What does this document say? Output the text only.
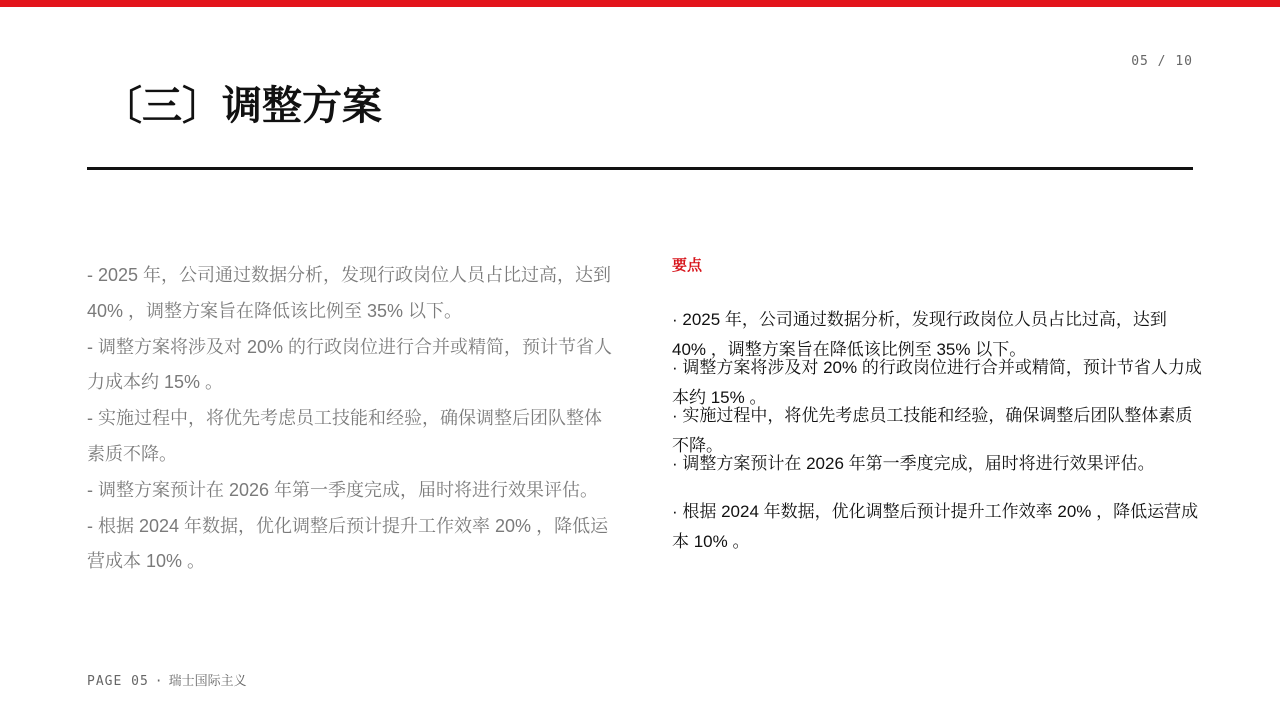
05 / 10
〔三〕调整方案

- 2025 年，公司通过数据分析，发现行政岗位人员占比过高，达到 40% ，调整方案旨在降低该比例至 35% 以下。

- 调整方案将涉及对 20% 的行政岗位进行合并或精简，预计节省人力成本约 15% 。

- 实施过程中，将优先考虑员工技能和经验，确保调整后团队整体素质不降。

- 调整方案预计在 2026 年第一季度完成，届时将进行效果评估。

- 根据 2024 年数据，优化调整后预计提升工作效率 20% ，降低运营成本 10% 。

要点

· 2025 年，公司通过数据分析，发现行政岗位人员占比过高，达到 40% ，调整方案旨在降低该比例至 35% 以下。

· 调整方案将涉及对 20% 的行政岗位进行合并或精简，预计节省人力成本约 15% 。

· 实施过程中，将优先考虑员工技能和经验，确保调整后团队整体素质不降。

· 调整方案预计在 2026 年第一季度完成，届时将进行效果评估。

· 根据 2024 年数据，优化调整后预计提升工作效率 20% ，降低运营成本 10% 。

PAGE 05 · 瑞士国际主义
